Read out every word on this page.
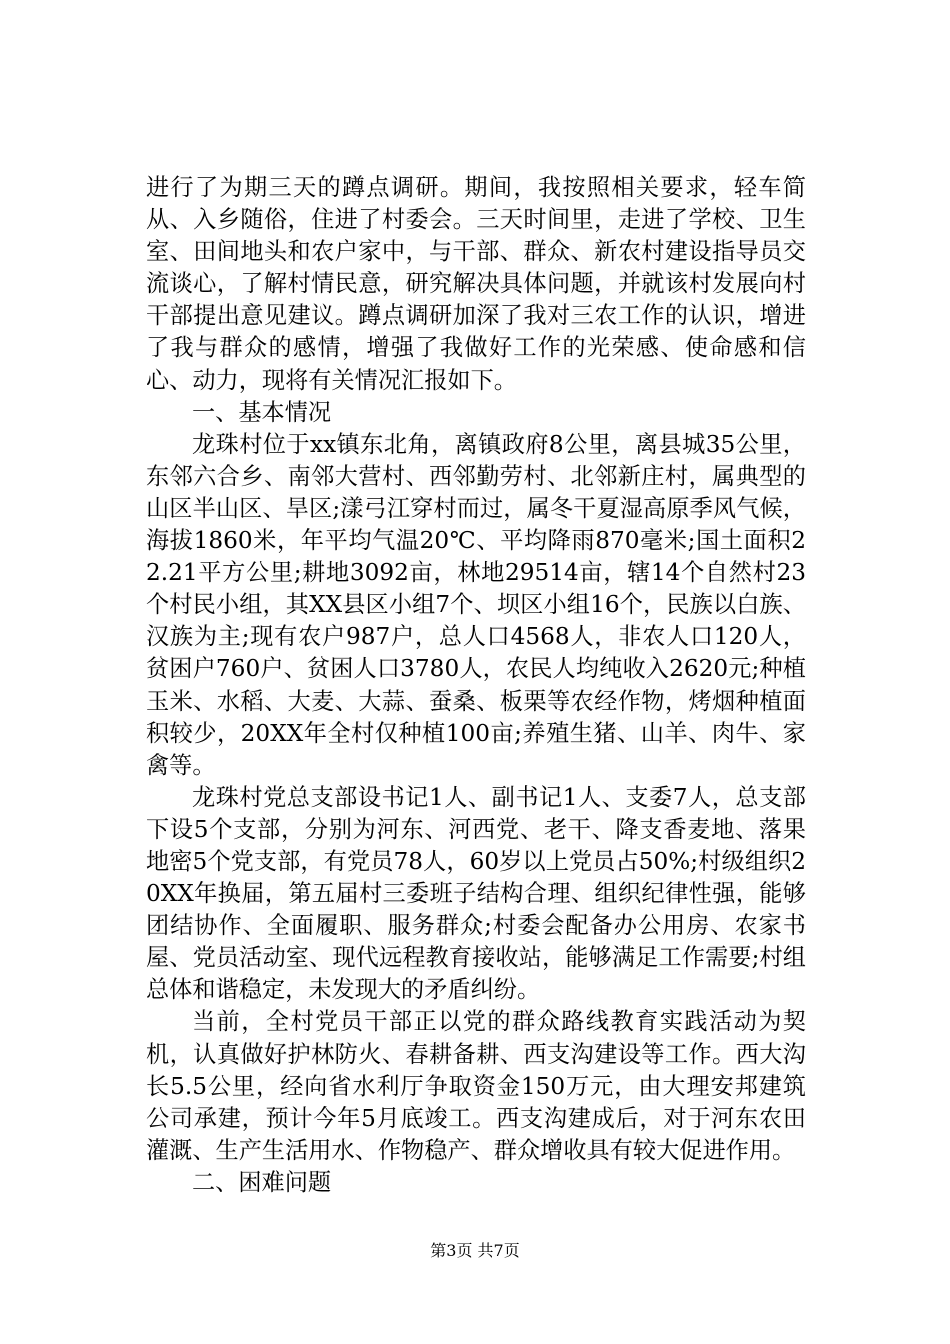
进行了为期三天的蹲点调研。期间，我按照相关要求，轻车简从、入乡随俗，住进了村委会。三天时间里，走进了学校、卫生室、田间地头和农户家中，与干部、群众、新农村建设指导员交流谈心，了解村情民意，研究解决具体问题，并就该村发展向村干部提出意见建议。蹲点调研加深了我对三农工作的认识，增进了我与群众的感情，增强了我做好工作的光荣感、使命感和信心、动力，现将有关情况汇报如下。

一、基本情况

龙珠村位于xx镇东北角，离镇政府8公里，离县城35公里，东邻六合乡、南邻大营村、西邻勤劳村、北邻新庄村，属典型的山区半山区、旱区;漾弓江穿村而过，属冬干夏湿高原季风气候，海拔1860米，年平均气温20℃、平均降雨870毫米;国土面积22.21平方公里;耕地3092亩，林地29514亩，辖14个自然村23个村民小组，其XX县区小组7个、坝区小组16个，民族以白族、汉族为主;现有农户987户，总人口4568人，非农人口120人，贫困户760户、贫困人口3780人，农民人均纯收入2620元;种植玉米、水稻、大麦、大蒜、蚕桑、板栗等农经作物，烤烟种植面积较少，20XX年全村仅种植100亩;养殖生猪、山羊、肉牛、家禽等。

龙珠村党总支部设书记1人、副书记1人、支委7人，总支部下设5个支部，分别为河东、河西党、老干、降支香麦地、落果地密5个党支部，有党员78人，60岁以上党员占50%;村级组织20XX年换届，第五届村三委班子结构合理、组织纪律性强，能够团结协作、全面履职、服务群众;村委会配备办公用房、农家书屋、党员活动室、现代远程教育接收站，能够满足工作需要;村组总体和谐稳定，未发现大的矛盾纠纷。

当前，全村党员干部正以党的群众路线教育实践活动为契机，认真做好护林防火、春耕备耕、西支沟建设等工作。西大沟长5.5公里，经向省水利厅争取资金150万元，由大理安邦建筑公司承建，预计今年5月底竣工。西支沟建成后，对于河东农田灌溉、生产生活用水、作物稳产、群众增收具有较大促进作用。

二、困难问题

第3页 共7页
